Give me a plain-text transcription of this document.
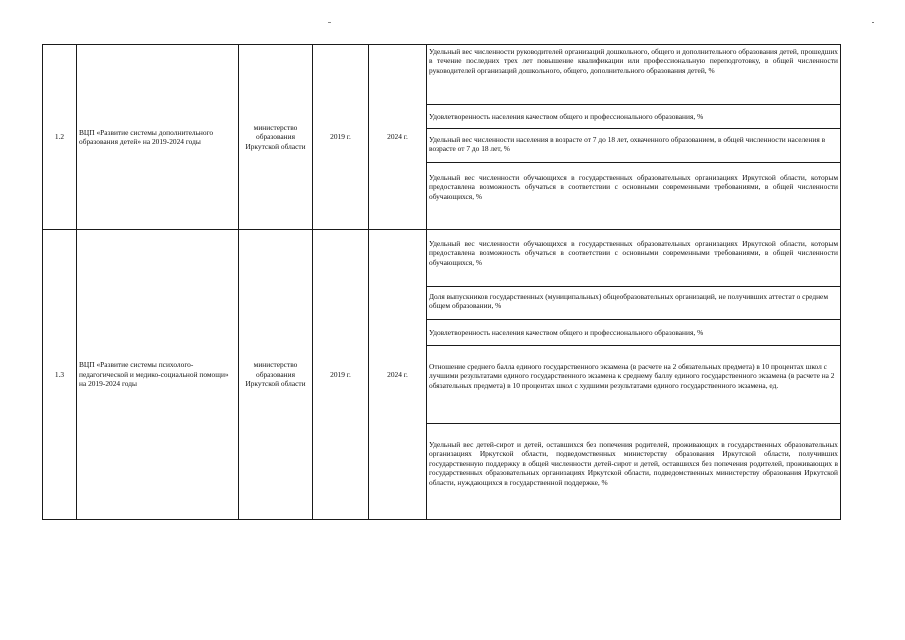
1.2	ВЦП «Развитие системы дополнительного образования детей» на 2019-2024 годы	министерство образования Иркутской области	2019 г.	2024 г.	Удельный вес численности руководителей организаций дошкольного, общего и дополнительного образования детей, прошедших в течение последних трех лет повышение квалификации или профессиональную переподготовку, в общей численности руководителей организаций дошкольного, общего, дополнительного образования детей, %
Удовлетворенность населения качеством общего и профессионального образования, %
Удельный вес численности населения в возрасте от 7 до 18 лет, охваченного образованием, в общей численности населения в возрасте от 7 до 18 лет, %
Удельный вес численности обучающихся в государственных образовательных организациях Иркутской области, которым предоставлена возможность обучаться в соответствии с основными современными требованиями, в общей численности обучающихся, %

1.3	ВЦП «Развитие системы психолого-педагогической и медико-социальной помощи» на 2019-2024 годы	министерство образования Иркутской области	2019 г.	2024 г.	Удельный вес численности обучающихся в государственных образовательных организациях Иркутской области, которым предоставлена возможность обучаться в соответствии с основными современными требованиями, в общей численности обучающихся, %
Доля выпускников государственных (муниципальных) общеобразовательных организаций, не получивших аттестат о среднем общем образовании, %
Удовлетворенность населения качеством общего и профессионального образования, %
Отношение среднего балла единого государственного экзамена (в расчете на 2 обязательных предмета) в 10 процентах школ с лучшими результатами единого государственного экзамена к среднему баллу единого государственного экзамена (в расчете на 2 обязательных предмета) в 10 процентах школ с худшими результатами единого государственного экзамена, ед.
Удельный вес детей-сирот и детей, оставшихся без попечения родителей, проживающих в государственных образовательных организациях Иркутской области, подведомственных министерству образования Иркутской области, получивших государственную поддержку в общей численности детей-сирот и детей, оставшихся без попечения родителей, проживающих в государственных образовательных организациях Иркутской области, подведомственных министерству образования Иркутской области, нуждающихся в государственной поддержке, %
